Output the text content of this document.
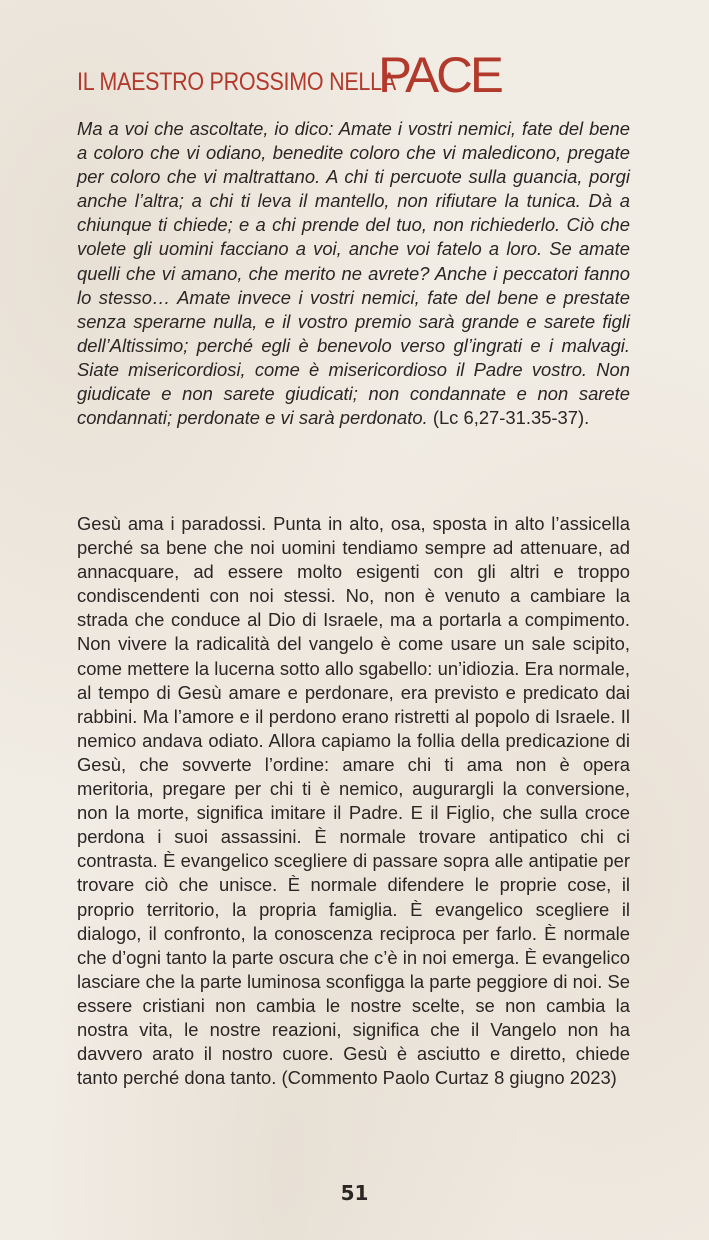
IL MAESTRO PROSSIMO NELLA
PACE
Ma a voi che ascoltate, io dico: Amate i vostri nemici, fate del bene a coloro che vi odiano, benedite coloro che vi maledicono, pregate per coloro che vi maltrattano. A chi ti percuote sulla guancia, porgi anche l’altra; a chi ti leva il mantello, non rifiutare la tunica. Dà a chiunque ti chiede; e a chi prende del tuo, non richiederlo. Ciò che volete gli uomini facciano a voi, anche voi fatelo a loro. Se amate quelli che vi amano, che merito ne avrete? Anche i peccatori fanno lo stesso… Amate invece i vostri nemici, fate del bene e prestate senza sperarne nulla, e il vostro premio sarà grande e sarete figli dell’Altissimo; perché egli è benevolo verso gl’ingrati e i malvagi. Siate misericordiosi, come è misericordioso il Padre vostro. Non giudicate e non sarete giudicati; non condannate e non sarete condannati; perdonate e vi sarà perdonato. (Lc 6,27-31.35-37).
Gesù ama i paradossi. Punta in alto, osa, sposta in alto l’assicella perché sa bene che noi uomini tendiamo sempre ad attenuare, ad annacquare, ad essere molto esigenti con gli altri e troppo condiscendenti con noi stessi. No, non è venuto a cambiare la strada che conduce al Dio di Israele, ma a portarla a compimento. Non vivere la radicalità del vangelo è come usare un sale scipito, come mettere la lucerna sotto allo sgabello: un’idiozia. Era normale, al tempo di Gesù amare e perdonare, era previsto e predicato dai rabbini. Ma l’amore e il perdono erano ristretti al popolo di Israele. Il nemico andava odiato. Allora capiamo la follia della predicazione di Gesù, che sovverte l’ordine: amare chi ti ama non è opera meritoria, pregare per chi ti è nemico, augurargli la conversione, non la morte, significa imitare il Padre. E il Figlio, che sulla croce perdona i suoi assassini. È normale trovare antipatico chi ci contrasta. È evangelico scegliere di passare sopra alle antipatie per trovare ciò che unisce. È normale difendere le proprie cose, il proprio territorio, la propria famiglia. È evangelico scegliere il dialogo, il confronto, la conoscenza reciproca per farlo. È normale che d’ogni tanto la parte oscura che c’è in noi emerga. È evangelico lasciare che la parte luminosa sconfigga la parte peggiore di noi. Se essere cristiani non cambia le nostre scelte, se non cambia la nostra vita, le nostre reazioni, significa che il Vangelo non ha davvero arato il nostro cuore. Gesù è asciutto e diretto, chiede tanto perché dona tanto. (Commento Paolo Curtaz 8 giugno 2023)
51
